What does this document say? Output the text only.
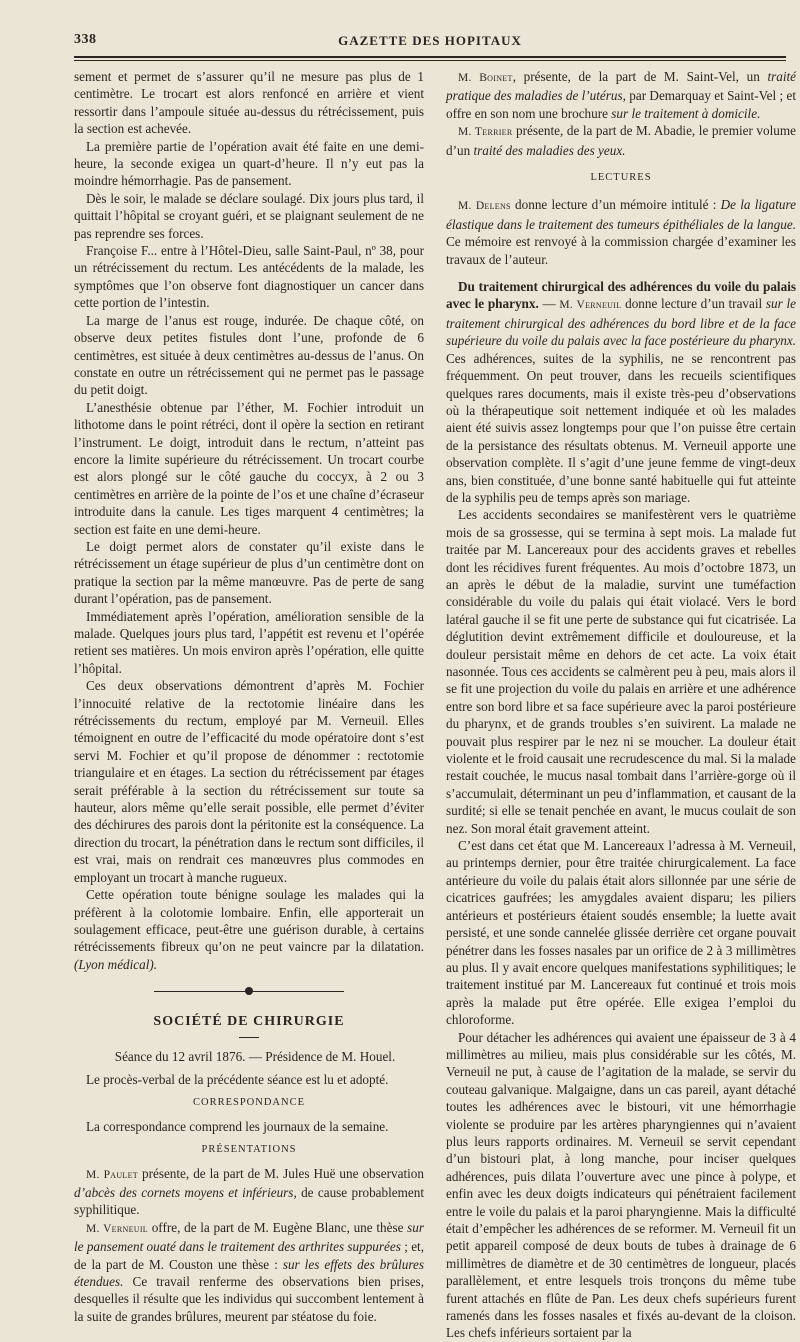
338	GAZETTE DES HOPITAUX

sement et permet de s’assurer qu’il ne mesure pas plus de 1 centimètre. Le trocart est alors renfoncé en arrière et vient ressortir dans l’ampoule située au-dessus du rétrécissement, puis la section est achevée.

La première partie de l’opération avait été faite en une demi-heure, la seconde exigea un quart-d’heure. Il n’y eut pas la moindre hémorrhagie. Pas de pansement.

Dès le soir, le malade se déclare soulagé. Dix jours plus tard, il quittait l’hôpital se croyant guéri, et se plaignant seulement de ne pas reprendre ses forces.

Françoise F... entre à l’Hôtel-Dieu, salle Saint-Paul, nº 38, pour un rétrécissement du rectum. Les antécédents de la malade, les symptômes que l’on observe font diagnostiquer un cancer dans cette portion de l’intestin.

La marge de l’anus est rouge, indurée. De chaque côté, on observe deux petites fistules dont l’une, profonde de 6 centimètres, est située à deux centimètres au-dessus de l’anus. On constate en outre un rétrécissement qui ne permet pas le passage du petit doigt.

L’anesthésie obtenue par l’éther, M. Fochier introduit un lithotome dans le point rétréci, dont il opère la section en retirant l’instrument. Le doigt, introduit dans le rectum, n’atteint pas encore la limite supérieure du rétrécissement. Un trocart courbe est alors plongé sur le côté gauche du coccyx, à 2 ou 3 centimètres en arrière de la pointe de l’os et une chaîne d’écraseur introduite dans la canule. Les tiges marquent 4 centimètres; la section est faite en une demi-heure.

Le doigt permet alors de constater qu’il existe dans le rétrécissement un étage supérieur de plus d’un centimètre dont on pratique la section par la même manœuvre. Pas de perte de sang durant l’opération, pas de pansement.

Immédiatement après l’opération, amélioration sensible de la malade. Quelques jours plus tard, l’appétit est revenu et l’opérée retient ses matières. Un mois environ après l’opération, elle quitte l’hôpital.

Ces deux observations démontrent d’après M. Fochier l’innocuité relative de la rectotomie linéaire dans les rétrécissements du rectum, employé par M. Verneuil. Elles témoignent en outre de l’efficacité du mode opératoire dont s’est servi M. Fochier et qu’il propose de dénommer : rectotomie triangulaire et en étages. La section du rétrécissement par étages serait préférable à la section du rétrécissement sur toute sa hauteur, alors même qu’elle serait possible, elle permet d’éviter des déchirures des parois dont la péritonite est la conséquence. La direction du trocart, la pénétration dans le rectum sont difficiles, il est vrai, mais on rendrait ces manœuvres plus commodes en employant un trocart à manche rugueux.

Cette opération toute bénigne soulage les malades qui la préfèrent à la colotomie lombaire. Enfin, elle apporterait un soulagement efficace, peut-être une guérison durable, à certains rétrécissements fibreux qu’on ne peut vaincre par la dilatation. (Lyon médical).

SOCIÉTÉ DE CHIRURGIE

Séance du 12 avril 1876. — Présidence de M. Houel.

Le procès-verbal de la précédente séance est lu et adopté.

CORRESPONDANCE

La correspondance comprend les journaux de la semaine.

PRÉSENTATIONS

M. Paulet présente, de la part de M. Jules Huë une observation d’abcès des cornets moyens et inférieurs, de cause probablement syphilitique.

M. Verneuil offre, de la part de M. Eugène Blanc, une thèse sur le pansement ouaté dans le traitement des arthrites suppurées ; et, de la part de M. Couston une thèse : sur les effets des brûlures étendues. Ce travail renferme des observations bien prises, desquelles il résulte que les individus qui succombent lentement à la suite de grandes brûlures, meurent par stéatose du foie.

M. Boinet, présente, de la part de M. Saint-Vel, un traité pratique des maladies de l’utérus, par Demarquay et Saint-Vel ; et offre en son nom une brochure sur le traitement à domicile.

M. Terrier présente, de la part de M. Abadie, le premier volume d’un traité des maladies des yeux.

LECTURES

M. Delens donne lecture d’un mémoire intitulé : De la ligature élastique dans le traitement des tumeurs épithéliales de la langue. Ce mémoire est renvoyé à la commission chargée d’examiner les travaux de l’auteur.

Du traitement chirurgical des adhérences du voile du palais avec le pharynx. — M. Verneuil donne lecture d’un travail sur le traitement chirurgical des adhérences du bord libre et de la face supérieure du voile du palais avec la face postérieure du pharynx. Ces adhérences, suites de la syphilis, ne se rencontrent pas fréquemment. On peut trouver, dans les recueils scientifiques quelques rares documents, mais il existe très-peu d’observations où la thérapeutique soit nettement indiquée et où les malades aient été suivis assez longtemps pour que l’on puisse être certain de la persistance des résultats obtenus. M. Verneuil apporte une observation complète. Il s’agit d’une jeune femme de vingt-deux ans, bien constituée, d’une bonne santé habituelle qui fut atteinte de la syphilis peu de temps après son mariage.

Les accidents secondaires se manifestèrent vers le quatrième mois de sa grossesse, qui se termina à sept mois. La malade fut traitée par M. Lancereaux pour des accidents graves et rebelles dont les récidives furent fréquentes. Au mois d’octobre 1873, un an après le début de la maladie, survint une tuméfaction considérable du voile du palais qui était violacé. Vers le bord latéral gauche il se fit une perte de substance qui fut cicatrisée. La déglutition devint extrêmement difficile et douloureuse, et la douleur persistait même en dehors de cet acte. La voix était nasonnée. Tous ces accidents se calmèrent peu à peu, mais alors il se fit une projection du voile du palais en arrière et une adhérence entre son bord libre et sa face supérieure avec la paroi postérieure du pharynx, et de grands troubles s’en suivirent. La malade ne pouvait plus respirer par le nez ni se moucher. La douleur était violente et le froid causait une recrudescence du mal. Si la malade restait couchée, le mucus nasal tombait dans l’arrière-gorge où il s’accumulait, déterminant un peu d’inflammation, et causant de la surdité; si elle se tenait penchée en avant, le mucus coulait de son nez. Son moral était gravement atteint.

C’est dans cet état que M. Lancereaux l’adressa à M. Verneuil, au printemps dernier, pour être traitée chirurgicalement. La face antérieure du voile du palais était alors sillonnée par une série de cicatrices gaufrées; les amygdales avaient disparu; les piliers antérieurs et postérieurs étaient soudés ensemble; la luette avait persisté, et une sonde cannelée glissée derrière cet organe pouvait pénétrer dans les fosses nasales par un orifice de 2 à 3 millimètres au plus. Il y avait encore quelques manifestations syphilitiques; le traitement institué par M. Lancereaux fut continué et trois mois après la malade put être opérée. Elle exigea l’emploi du chloroforme.

Pour détacher les adhérences qui avaient une épaisseur de 3 à 4 millimètres au milieu, mais plus considérable sur les côtés, M. Verneuil ne put, à cause de l’agitation de la malade, se servir du couteau galvanique. Malgaigne, dans un cas pareil, ayant détaché toutes les adhérences avec le bistouri, vit une hémorrhagie violente se produire par les artères pharyngiennes qui n’avaient plus leurs rapports ordinaires. M. Verneuil se servit cependant d’un bistouri plat, à long manche, pour inciser quelques adhérences, puis dilata l’ouverture avec une pince à polype, et enfin avec les deux doigts indicateurs qui pénétraient facilement entre le voile du palais et la paroi pharyngienne. Mais la difficulté était d’empêcher les adhérences de se reformer. M. Verneuil fit un petit appareil composé de deux bouts de tubes à drainage de 6 millimètres de diamètre et de 30 centimètres de longueur, placés parallèlement, et entre lesquels trois tronçons du même tube furent attachés en flûte de Pan. Les deux chefs supérieurs furent ramenés dans les fosses nasales et fixés au-devant de la cloison. Les chefs inférieurs sortaient par la
